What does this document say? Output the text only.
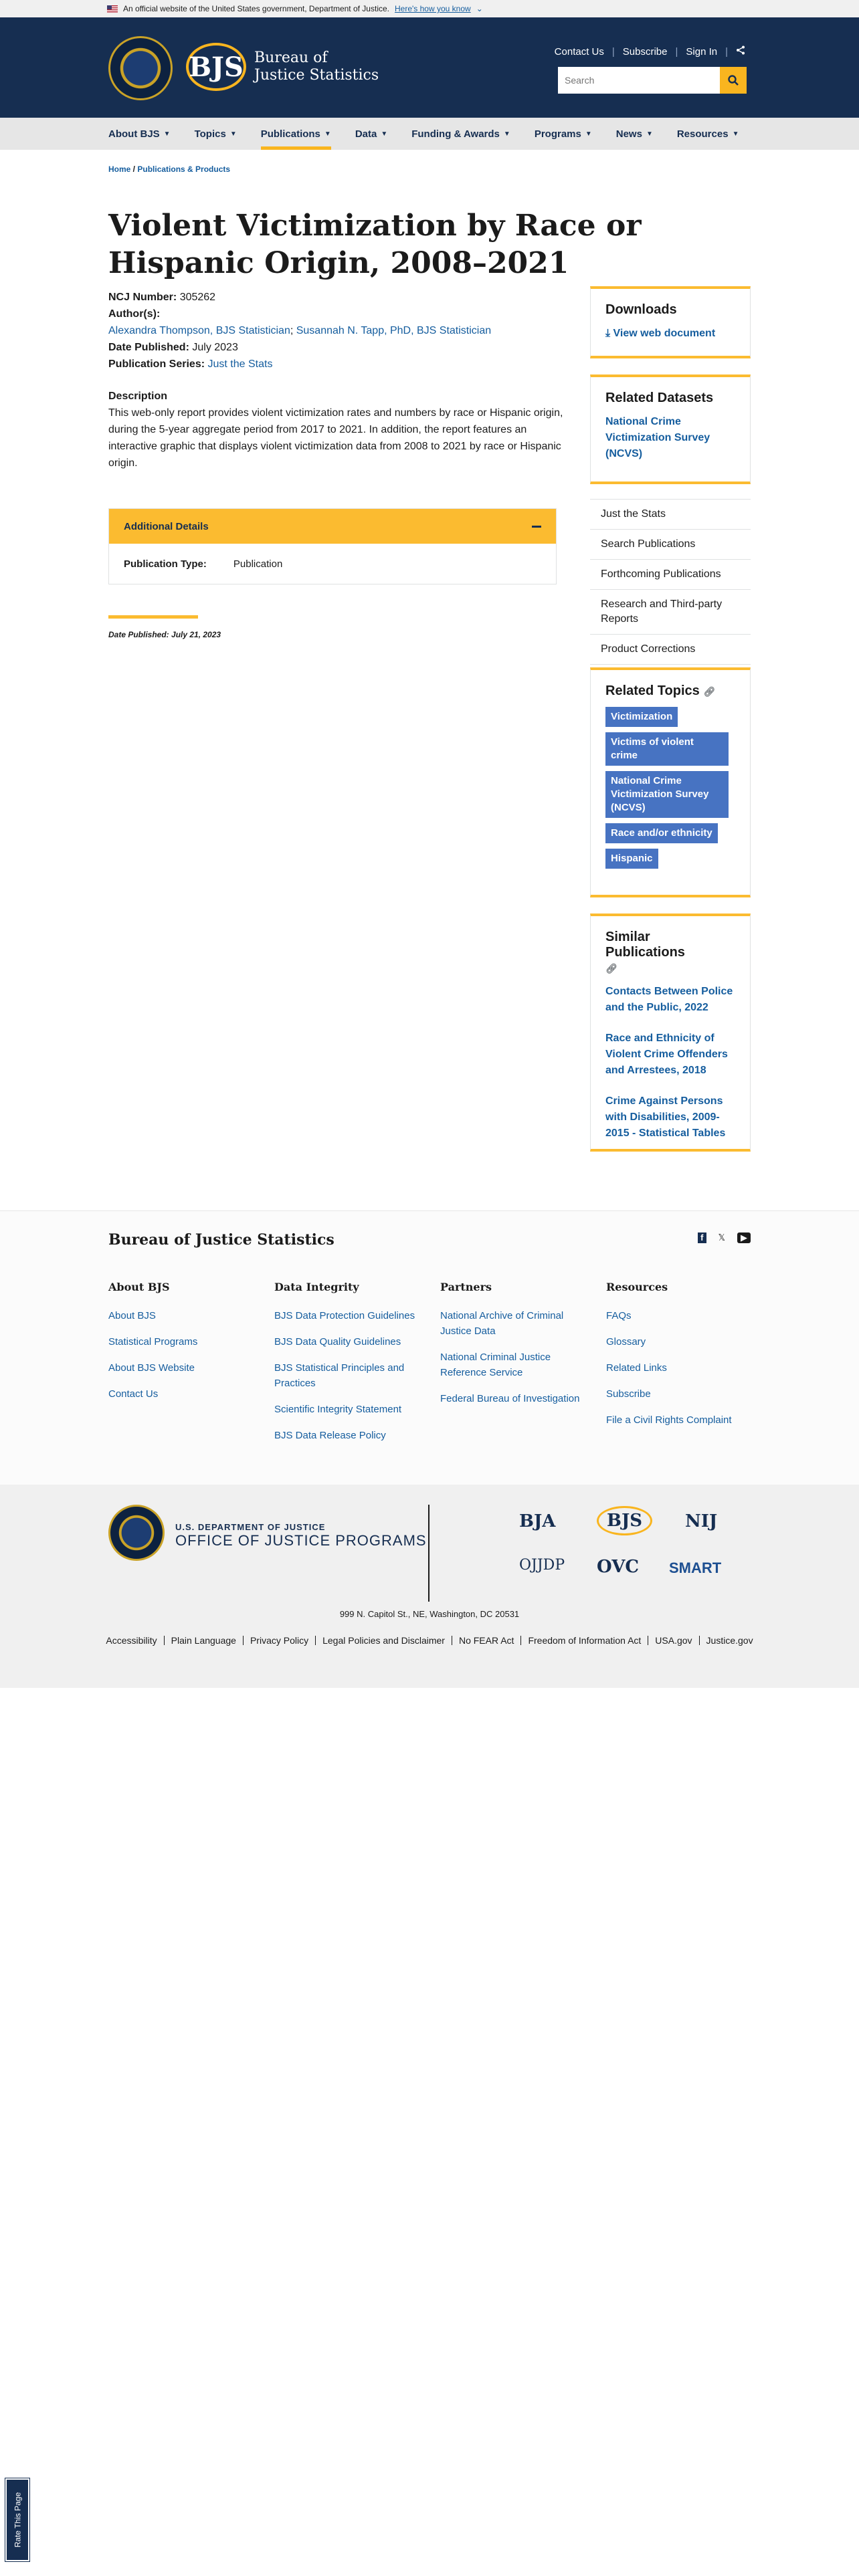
An official website of the United States government, Department of Justice. Here's how you know ⌄
BJS Bureau of
Justice Statistics
Contact Us | Subscribe | Sign In |
Search
About BJS ▼ Topics ▼ Publications ▼ Data ▼ Funding & Awards ▼ Programs ▼ News ▼ Resources ▼
Home / Publications & Products
Violent Victimization by Race or Hispanic Origin, 2008–2021
NCJ Number: 305262
Author(s):
Alexandra Thompson, BJS Statistician; Susannah N. Tapp, PhD, BJS Statistician
Date Published: July 2023
Publication Series: Just the Stats
Description
This web-only report provides violent victimization rates and numbers by race or Hispanic origin, during the 5-year aggregate period from 2017 to 2021. In addition, the report features an interactive graphic that displays violent victimization data from 2008 to 2021 by race or Hispanic origin.
Additional Details
Publication Type:	Publication
Date Published: July 21, 2023
Downloads
⤓ View web document
Related Datasets
National Crime Victimization Survey (NCVS)
Just the Stats
Search Publications
Forthcoming Publications
Research and Third-party Reports
Product Corrections
Related Topics 🔗︎
Victimization
Victims of violent crime
National Crime Victimization Survey (NCVS)
Race and/or ethnicity
Hispanic
Similar Publications 🔗︎
Contacts Between Police and the Public, 2022
Race and Ethnicity of Violent Crime Offenders and Arrestees, 2018
Crime Against Persons with Disabilities, 2009-2015 - Statistical Tables
Bureau of Justice Statistics	f	𝕏	▶
About BJS
About BJS
Statistical Programs
About BJS Website
Contact Us
Data Integrity
BJS Data Protection Guidelines
BJS Data Quality Guidelines
BJS Statistical Principles and Practices
Scientific Integrity Statement
BJS Data Release Policy
Partners
National Archive of Criminal Justice Data
National Criminal Justice Reference Service
Federal Bureau of Investigation
Resources
FAQs
Glossary
Related Links
Subscribe
File a Civil Rights Complaint
U.S. DEPARTMENT OF JUSTICE
OFFICE OF JUSTICE PROGRAMS
BJA	BJS	NIJ
OJJDP OVC SMART
999 N. Capitol St., NE, Washington, DC 20531
Accessibility	Plain Language	Privacy Policy	Legal Policies and Disclaimer	No FEAR Act	Freedom of Information Act	USA.gov	Justice.gov
Rate This Page
